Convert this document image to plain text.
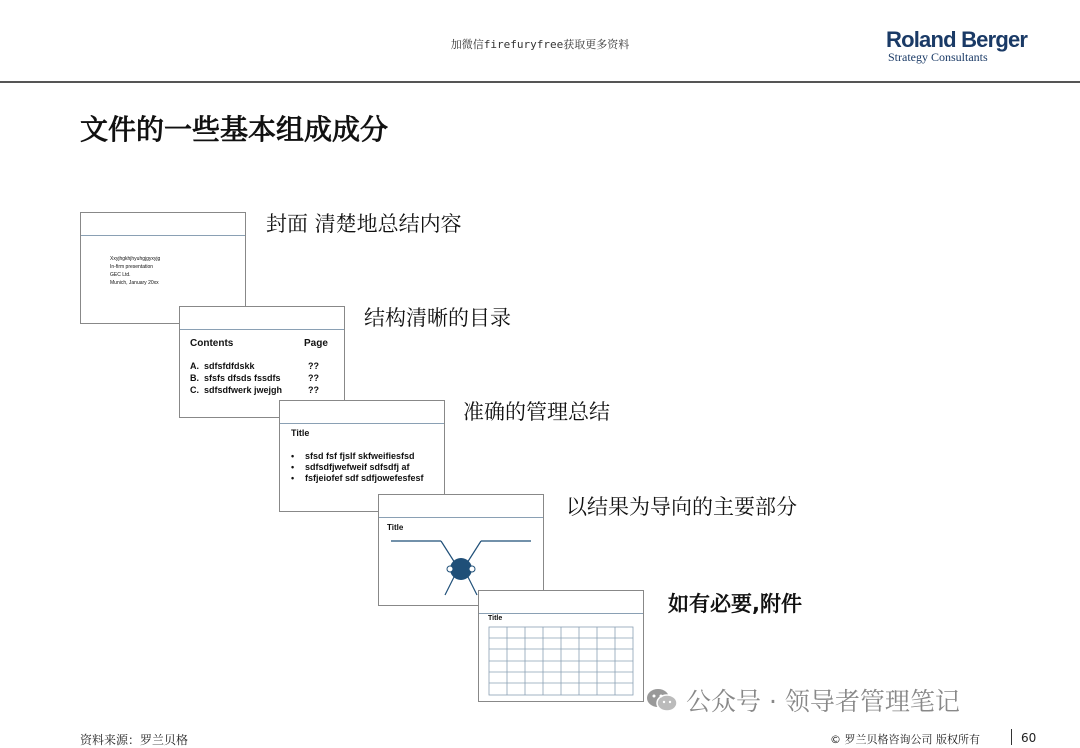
加微信firefuryfree获取更多资料	Roland Berger
Strategy Consultants
文件的一些基本组成成分
Xxyjhgkhjhyuhgjgyxyjg
In-firm presentation
GEC Ltd.
Munich, January 20xx
封面 清楚地总结内容
Contents	Page
A. sdfsfdfdskk	??
B. sfsfs dfsds fssdfs	??
C. sdfsdfwerk jwejgh	??
结构清晰的目录
Title
• sfsd fsf fjslf skfweifiesfsd
• sdfsdfjwefweif sdfsdfj af
• fsfjeiofef sdf sdfjowefesfesf
准确的管理总结
Title
以结果为导向的主要部分
Title
如有必要,附件
公众号 · 领导者管理笔记
资料来源：罗兰贝格	© 罗兰贝格咨询公司 版权所有	60
